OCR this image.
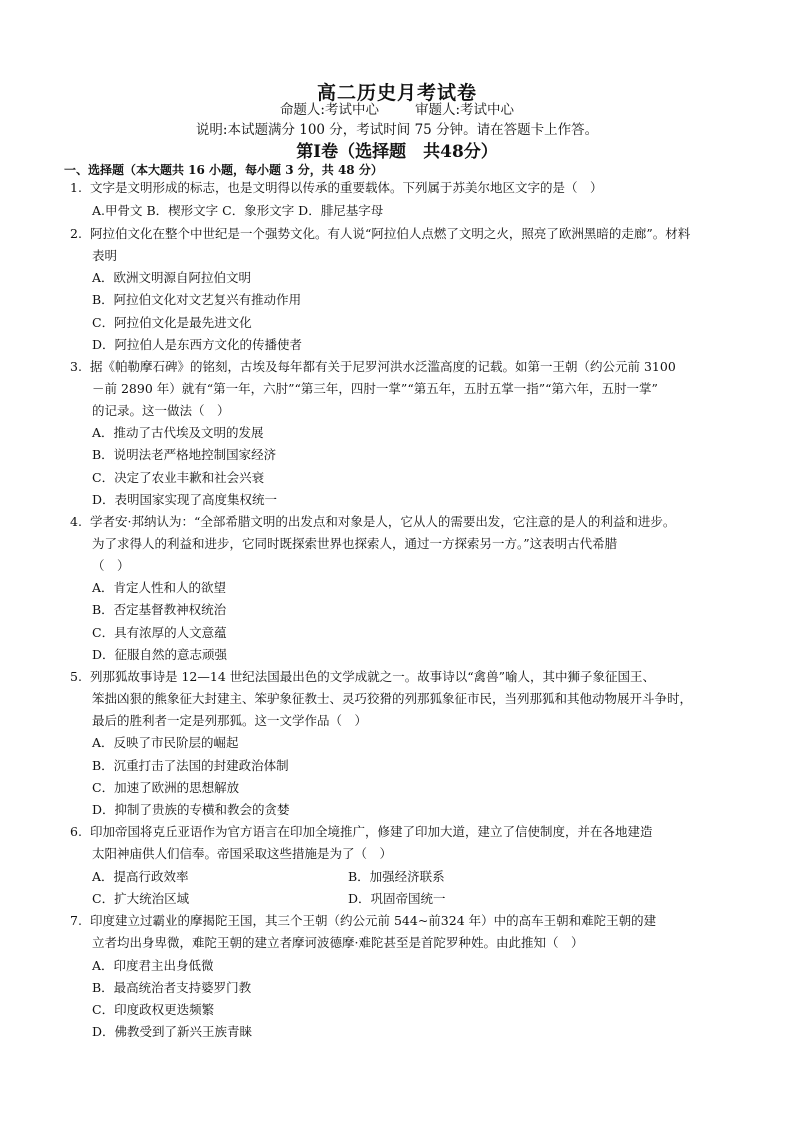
高二历史月考试卷
命题人:考试中心	审题人:考试中心
说明:本试题满分 100 分，考试时间 75 分钟。请在答题卡上作答。
第Ⅰ卷（选择题　共48分）
一、选择题（本大题共 16 小题，每小题 3 分，共 48 分）
1. 文字是文明形成的标志，也是文明得以传承的重要载体。下列属于苏美尔地区文字的是（　）
A.甲骨文 B．楔形文字 C．象形文字 D．腓尼基字母
2. 阿拉伯文化在整个中世纪是一个强势文化。有人说“阿拉伯人点燃了文明之火，照亮了欧洲黑暗的走廊”。材料
表明
A．欧洲文明源自阿拉伯文明
B．阿拉伯文化对文艺复兴有推动作用
C．阿拉伯文化是最先进文化
D．阿拉伯人是东西方文化的传播使者
3. 据《帕勒摩石碑》的铭刻，古埃及每年都有关于尼罗河洪水泛滥高度的记载。如第一王朝（约公元前 3100
－前 2890 年）就有“第一年，六肘”“第三年，四肘一掌”“第五年，五肘五掌一指”“第六年，五肘一掌”
的记录。这一做法（　）
A．推动了古代埃及文明的发展
B．说明法老严格地控制国家经济
C．决定了农业丰歉和社会兴衰
D．表明国家实现了高度集权统一
4. 学者安·邦纳认为：“全部希腊文明的出发点和对象是人，它从人的需要出发，它注意的是人的利益和进步。
为了求得人的利益和进步，它同时既探索世界也探索人，通过一方探索另一方。”这表明古代希腊
（　）
A．肯定人性和人的欲望
B．否定基督教神权统治
C．具有浓厚的人文意蕴
D．征服自然的意志顽强
5. 列那狐故事诗是 12—14 世纪法国最出色的文学成就之一。故事诗以“禽兽”喻人，其中狮子象征国王、
笨拙凶狠的熊象征大封建主、笨驴象征教士、灵巧狡猾的列那狐象征市民，当列那狐和其他动物展开斗争时，
最后的胜利者一定是列那狐。这一文学作品（　）
A．反映了市民阶层的崛起
B．沉重打击了法国的封建政治体制
C．加速了欧洲的思想解放
D．抑制了贵族的专横和教会的贪婪
6. 印加帝国将克丘亚语作为官方语言在印加全境推广，修建了印加大道，建立了信使制度，并在各地建造
太阳神庙供人们信奉。帝国采取这些措施是为了（　）
A．提高行政效率	B．加强经济联系
C．扩大统治区域	D．巩固帝国统一
7. 印度建立过霸业的摩揭陀王国，其三个王朝（约公元前 544~前324 年）中的高车王朝和难陀王朝的建
立者均出身卑微，难陀王朝的建立者摩诃波德摩·难陀甚至是首陀罗种姓。由此推知（　）
A．印度君主出身低微
B．最高统治者支持婆罗门教
C．印度政权更迭频繁
D．佛教受到了新兴王族青睐
